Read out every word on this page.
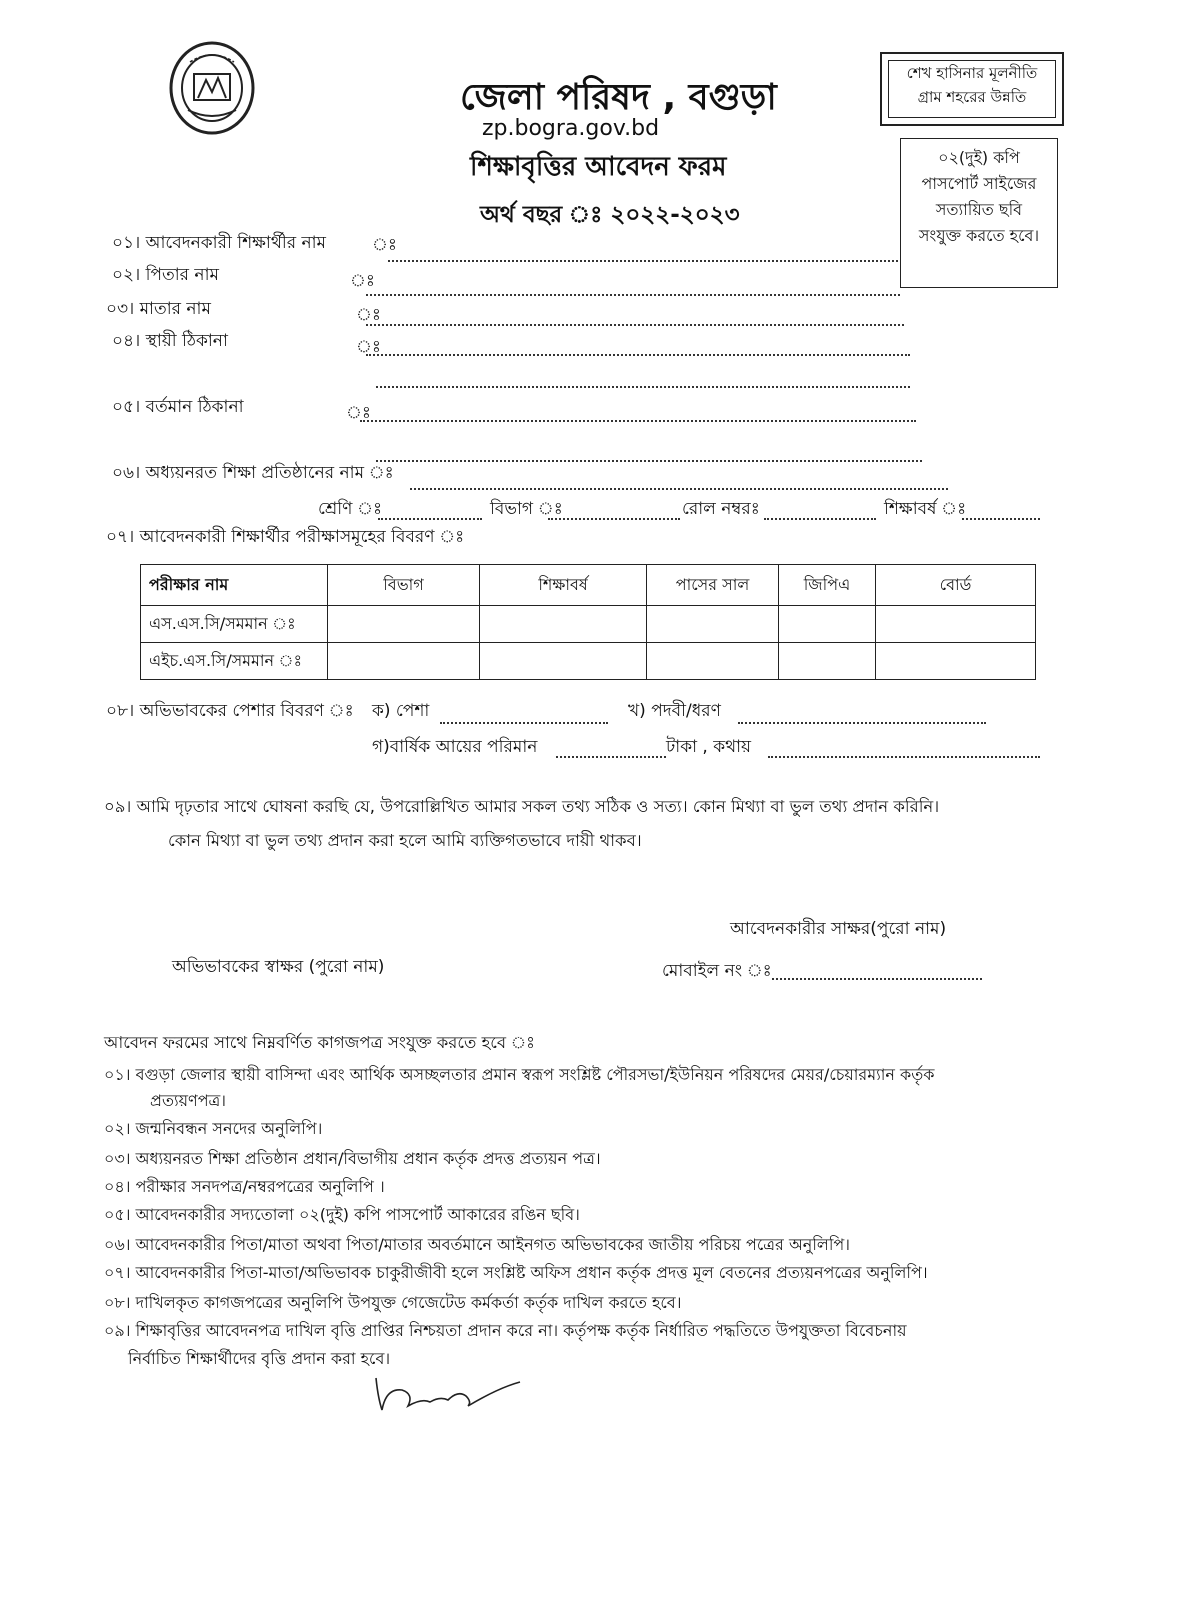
জেলা পরিষদ , বগুড়া
zp.bogra.gov.bd
শিক্ষাবৃত্তির আবেদন ফরম
অর্থ বছর ঃ ২০২২-২০২৩
শেখ হাসিনার মূলনীতি
গ্রাম শহরের উন্নতি
০২(দুই) কপি
পাসপোর্ট সাইজের
সত্যায়িত ছবি
সংযুক্ত করতে হবে।
০১। আবেদনকারী শিক্ষার্থীর নাম	ঃ
০২। পিতার নাম	ঃ
০৩। মাতার নাম	ঃ
০৪। স্থায়ী ঠিকানা	ঃ
০৫। বর্তমান ঠিকানা	ঃ
০৬। অধ্যয়নরত শিক্ষা প্রতিষ্ঠানের নাম ঃ
শ্রেণি ঃ	বিভাগ ঃ	রোল নম্বরঃ	শিক্ষাবর্ষ ঃ
০৭। আবেদনকারী শিক্ষার্থীর পরীক্ষাসমূহের বিবরণ ঃ
পরীক্ষার নাম	বিভাগ	শিক্ষাবর্ষ	পাসের সাল	জিপিএ	বোর্ড
এস.এস.সি/সমমান ঃ					
এইচ.এস.সি/সমমান ঃ					
০৮। অভিভাবকের পেশার বিবরণ ঃ ক) পেশা	খ) পদবী/ধরণ
গ)বার্ষিক আয়ের পরিমান	টাকা , কথায়
০৯। আমি দৃঢ়তার সাথে ঘোষনা করছি যে, উপরোল্লিখিত আমার সকল তথ্য সঠিক ও সত্য। কোন মিথ্যা বা ভুল তথ্য প্রদান করিনি।
কোন মিথ্যা বা ভুল তথ্য প্রদান করা হলে আমি ব্যক্তিগতভাবে দায়ী থাকব।
আবেদনকারীর সাক্ষর(পুরো নাম)
অভিভাবকের স্বাক্ষর (পুরো নাম)	মোবাইল নং ঃ
আবেদন ফরমের সাথে নিম্নবর্ণিত কাগজপত্র সংযুক্ত করতে হবে ঃ
০১। বগুড়া জেলার স্থায়ী বাসিন্দা এবং আর্থিক অসচ্ছলতার প্রমান স্বরূপ সংশ্লিষ্ট পৌরসভা/ইউনিয়ন পরিষদের মেয়র/চেয়ারম্যান কর্তৃক
প্রত্যয়ণপত্র।
০২। জন্মনিবন্ধন সনদের অনুলিপি।
০৩। অধ্যয়নরত শিক্ষা প্রতিষ্ঠান প্রধান/বিভাগীয় প্রধান কর্তৃক প্রদত্ত প্রত্যয়ন পত্র।
০৪। পরীক্ষার সনদপত্র/নম্বরপত্রের অনুলিপি ।
০৫। আবেদনকারীর সদ্যতোলা ০২(দুই) কপি পাসপোর্ট আকারের রঙিন ছবি।
০৬। আবেদনকারীর পিতা/মাতা অথবা পিতা/মাতার অবর্তমানে আইনগত অভিভাবকের জাতীয় পরিচয় পত্রের অনুলিপি।
০৭। আবেদনকারীর পিতা-মাতা/অভিভাবক চাকুরীজীবী হলে সংশ্লিষ্ট অফিস প্রধান কর্তৃক প্রদত্ত মূল বেতনের প্রত্যয়নপত্রের অনুলিপি।
০৮। দাখিলকৃত কাগজপত্রের অনুলিপি উপযুক্ত গেজেটেড কর্মকর্তা কর্তৃক দাখিল করতে হবে।
০৯। শিক্ষাবৃত্তির আবেদনপত্র দাখিল বৃত্তি প্রাপ্তির নিশ্চয়তা প্রদান করে না। কর্তৃপক্ষ কর্তৃক নির্ধারিত পদ্ধতিতে উপযুক্ততা বিবেচনায়
নির্বাচিত শিক্ষার্থীদের বৃত্তি প্রদান করা হবে।
